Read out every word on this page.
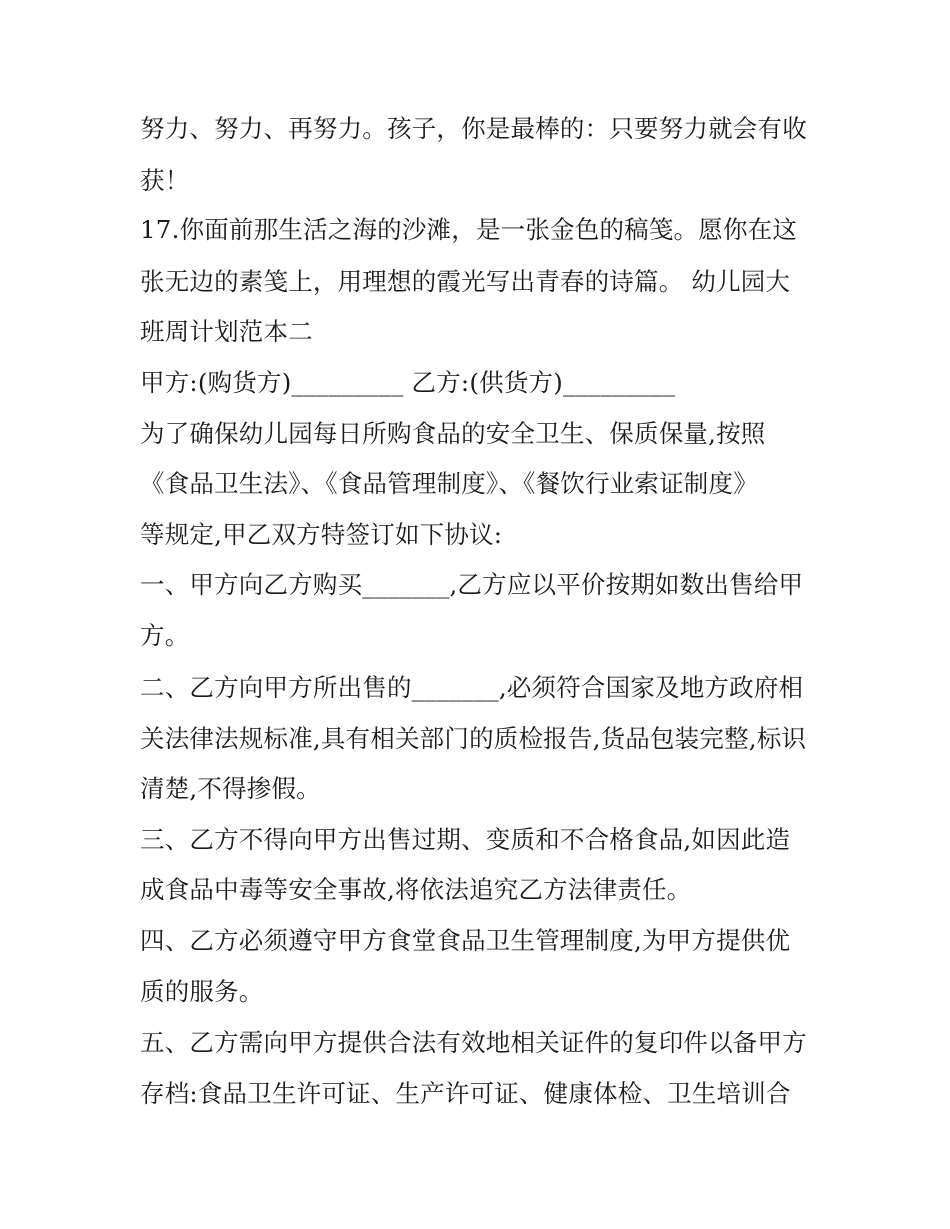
努力、努力、再努力。孩子，你是最棒的：只要努力就会有收
获！
17.你面前那生活之海的沙滩，是一张金色的稿笺。愿你在这
张无边的素笺上，用理想的霞光写出青春的诗篇。 幼儿园大
班周计划范本二
甲方:(购货方)_________ 乙方:(供货方)_________
为了确保幼儿园每日所购食品的安全卫生、保质保量,按照
《食品卫生法》、《食品管理制度》、《餐饮行业索证制度》
等规定,甲乙双方特签订如下协议:
一、甲方向乙方购买_______,乙方应以平价按期如数出售给甲
方。
二、乙方向甲方所出售的_______,必须符合国家及地方政府相
关法律法规标准,具有相关部门的质检报告,货品包装完整,标识
清楚,不得掺假。
三、乙方不得向甲方出售过期、变质和不合格食品,如因此造
成食品中毒等安全事故,将依法追究乙方法律责任。
四、乙方必须遵守甲方食堂食品卫生管理制度,为甲方提供优
质的服务。
五、乙方需向甲方提供合法有效地相关证件的复印件以备甲方
存档:食品卫生许可证、生产许可证、健康体检、卫生培训合
